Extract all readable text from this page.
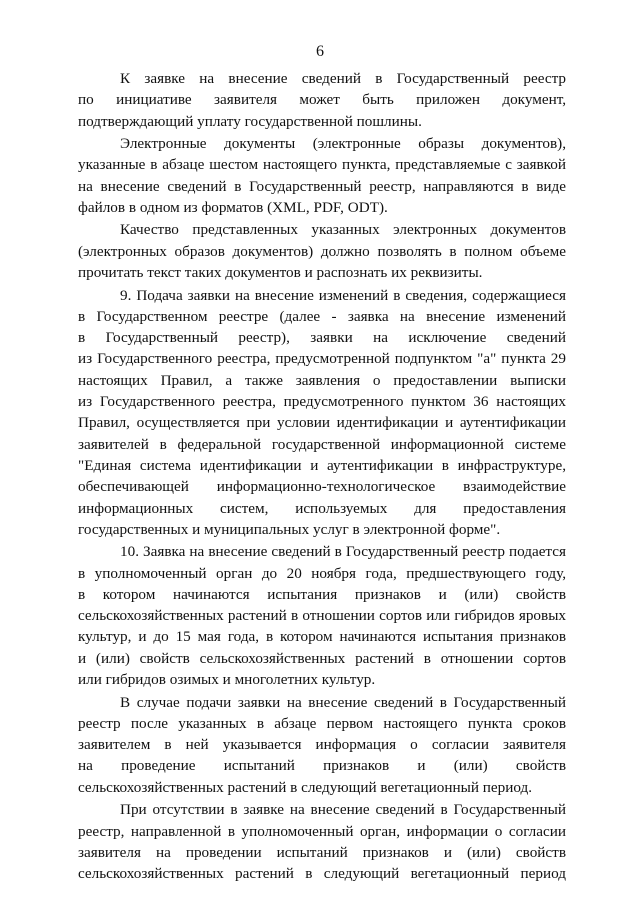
6
К заявке на внесение сведений в Государственный реестр
по инициативе заявителя может быть приложен документ,
подтверждающий уплату государственной пошлины.
Электронные документы (электронные образы документов),
указанные в абзаце шестом настоящего пункта, представляемые с заявкой
на внесение сведений в Государственный реестр, направляются в виде
файлов в одном из форматов (XML, PDF, ODT).
Качество представленных указанных электронных документов
(электронных образов документов) должно позволять в полном объеме
прочитать текст таких документов и распознать их реквизиты.
9. Подача заявки на внесение изменений в сведения, содержащиеся
в Государственном реестре (далее - заявка на внесение изменений
в Государственный реестр), заявки на исключение сведений
из Государственного реестра, предусмотренной подпунктом "а" пункта 29
настоящих Правил, а также заявления о предоставлении выписки
из Государственного реестра, предусмотренного пунктом 36 настоящих
Правил, осуществляется при условии идентификации и аутентификации
заявителей в федеральной государственной информационной системе
"Единая система идентификации и аутентификации в инфраструктуре,
обеспечивающей информационно-технологическое взаимодействие
информационных систем, используемых для предоставления
государственных и муниципальных услуг в электронной форме".
10. Заявка на внесение сведений в Государственный реестр подается
в уполномоченный орган до 20 ноября года, предшествующего году,
в котором начинаются испытания признаков и (или) свойств
сельскохозяйственных растений в отношении сортов или гибридов яровых
культур, и до 15 мая года, в котором начинаются испытания признаков
и (или) свойств сельскохозяйственных растений в отношении сортов
или гибридов озимых и многолетних культур.
В случае подачи заявки на внесение сведений в Государственный
реестр после указанных в абзаце первом настоящего пункта сроков
заявителем в ней указывается информация о согласии заявителя
на проведение испытаний признаков и (или) свойств
сельскохозяйственных растений в следующий вегетационный период.
При отсутствии в заявке на внесение сведений в Государственный
реестр, направленной в уполномоченный орган, информации о согласии
заявителя на проведении испытаний признаков и (или) свойств
сельскохозяйственных растений в следующий вегетационный период
